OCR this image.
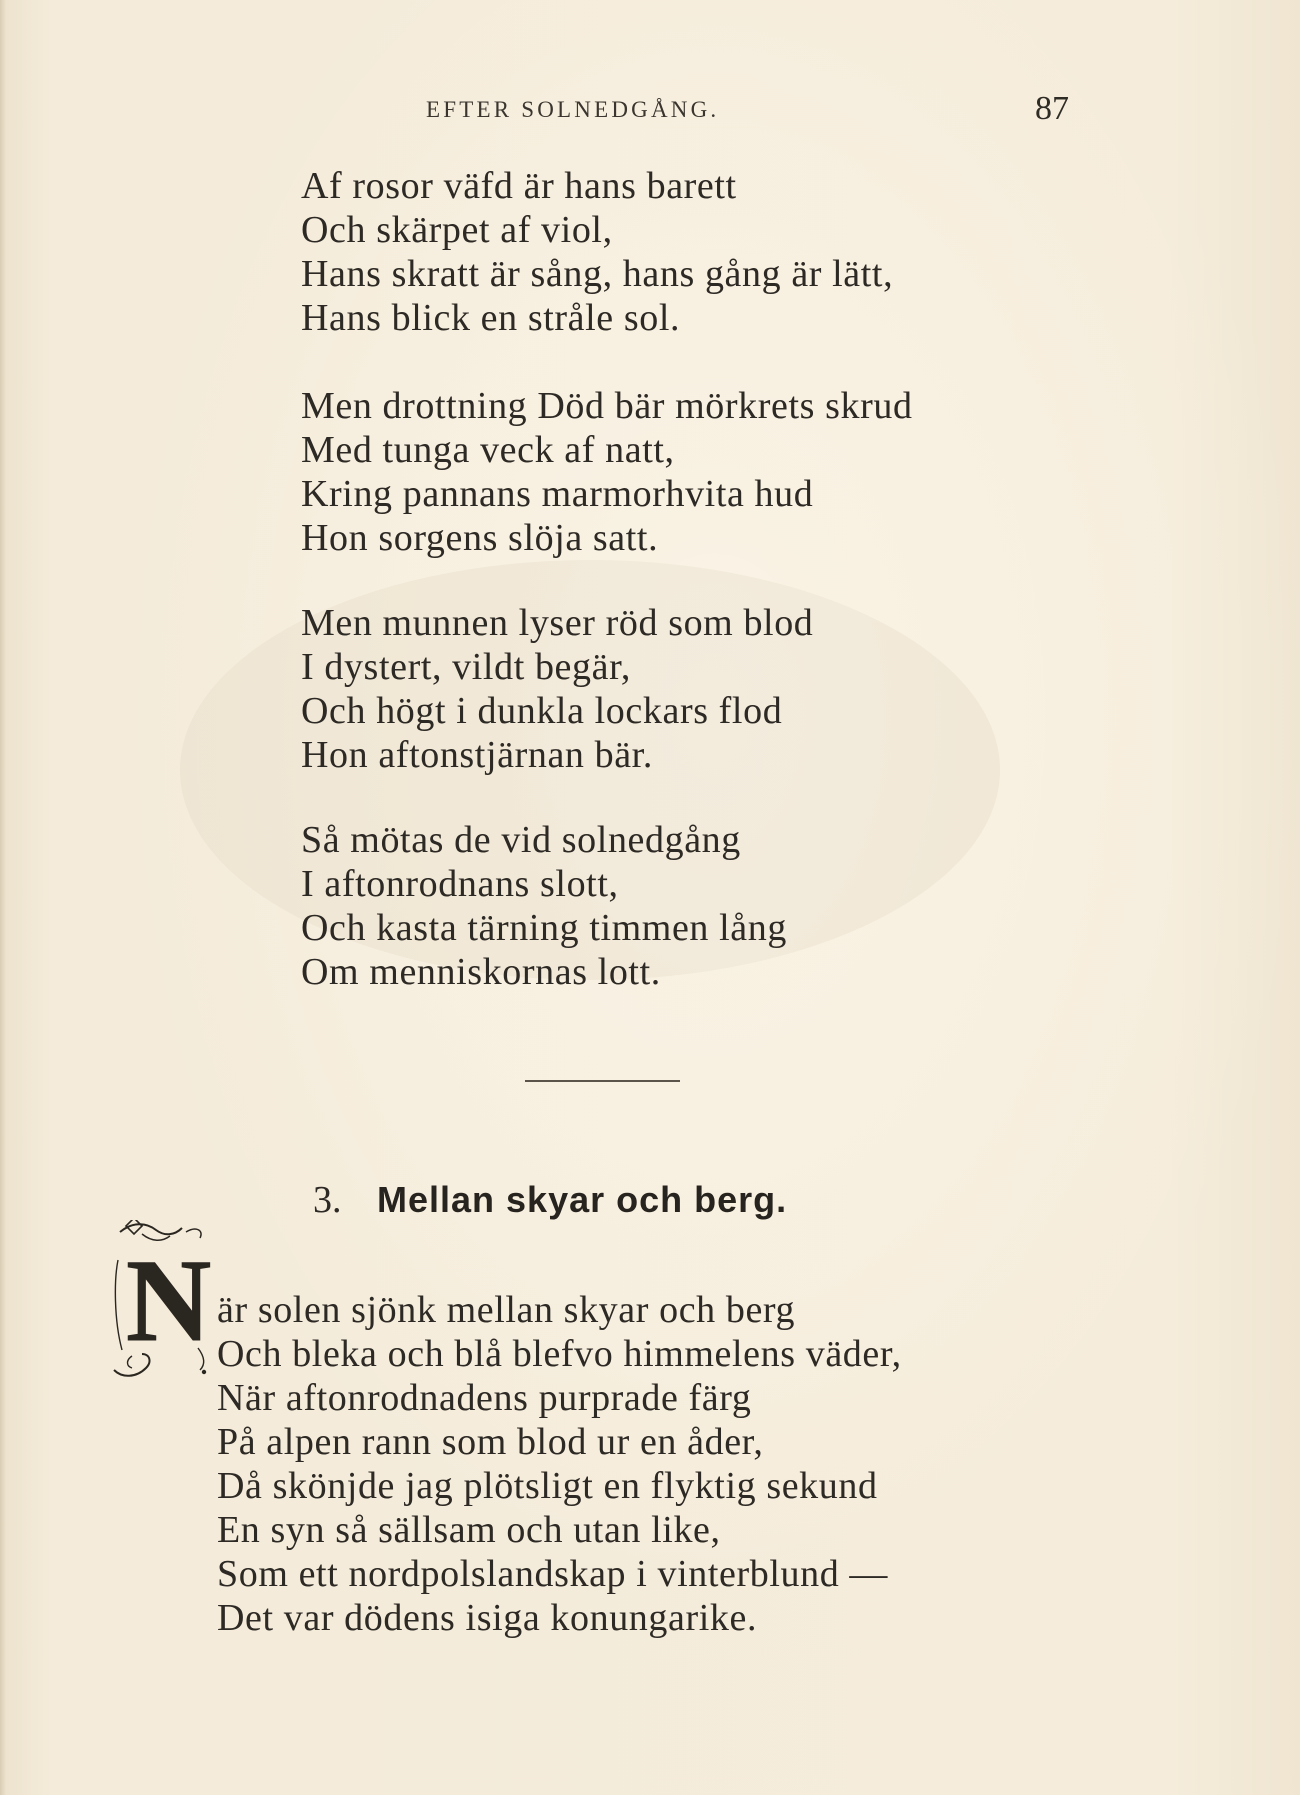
EFTER SOLNEDGÅNG.	87
Af rosor väfd är hans barett
Och skärpet af viol,
Hans skratt är sång, hans gång är lätt,
Hans blick en stråle sol.
Men drottning Död bär mörkrets skrud
Med tunga veck af natt,
Kring pannans marmorhvita hud
Hon sorgens slöja satt.
Men munnen lyser röd som blod
I dystert, vildt begär,
Och högt i dunkla lockars flod
Hon aftonstjärnan bär.
Så mötas de vid solnedgång
I aftonrodnans slott,
Och kasta tärning timmen lång
Om menniskornas lott.
3. Mellan skyar och berg.
N är solen sjönk mellan skyar och berg
Och bleka och blå blefvo himmelens väder,
När aftonrodnadens purprade färg
På alpen rann som blod ur en åder,
Då skönjde jag plötsligt en flyktig sekund
En syn så sällsam och utan like,
Som ett nordpolslandskap i vinterblund —
Det var dödens isiga konungarike.
